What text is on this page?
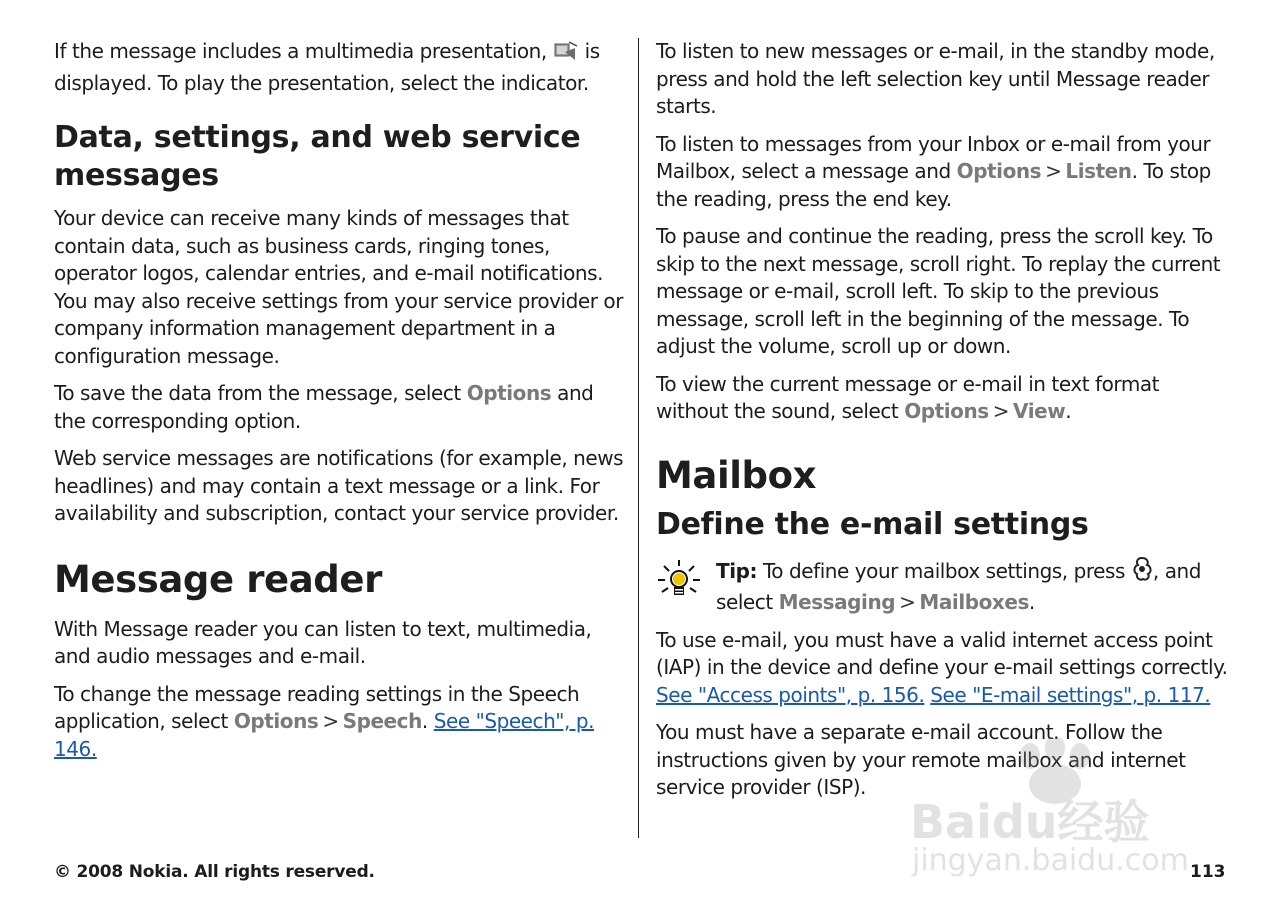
If the message includes a multimedia presentation, is displayed. To play the presentation, select the indicator.

Data, settings, and web service messages

Your device can receive many kinds of messages that contain data, such as business cards, ringing tones, operator logos, calendar entries, and e-mail notifications. You may also receive settings from your service provider or company information management department in a configuration message.

To save the data from the message, select Options and the corresponding option.

Web service messages are notifications (for example, news headlines) and may contain a text message or a link. For availability and subscription, contact your service provider.

Message reader

With Message reader you can listen to text, multimedia, and audio messages and e-mail.

To change the message reading settings in the Speech application, select Options > Speech. See "Speech", p. 146.

To listen to new messages or e-mail, in the standby mode, press and hold the left selection key until Message reader starts.

To listen to messages from your Inbox or e-mail from your Mailbox, select a message and Options > Listen. To stop the reading, press the end key.

To pause and continue the reading, press the scroll key. To skip to the next message, scroll right. To replay the current message or e-mail, scroll left. To skip to the previous message, scroll left in the beginning of the message. To adjust the volume, scroll up or down.

To view the current message or e-mail in text format without the sound, select Options > View.

Mailbox
Define the e-mail settings

Tip: To define your mailbox settings, press , and select Messaging > Mailboxes.

To use e-mail, you must have a valid internet access point (IAP) in the device and define your e-mail settings correctly. See "Access points", p. 156. See "E-mail settings", p. 117.

You must have a separate e-mail account. Follow the instructions given by your remote mailbox and internet service provider (ISP).

Baidu经验
jingyan.baidu.com
© 2008 Nokia. All rights reserved.	113
